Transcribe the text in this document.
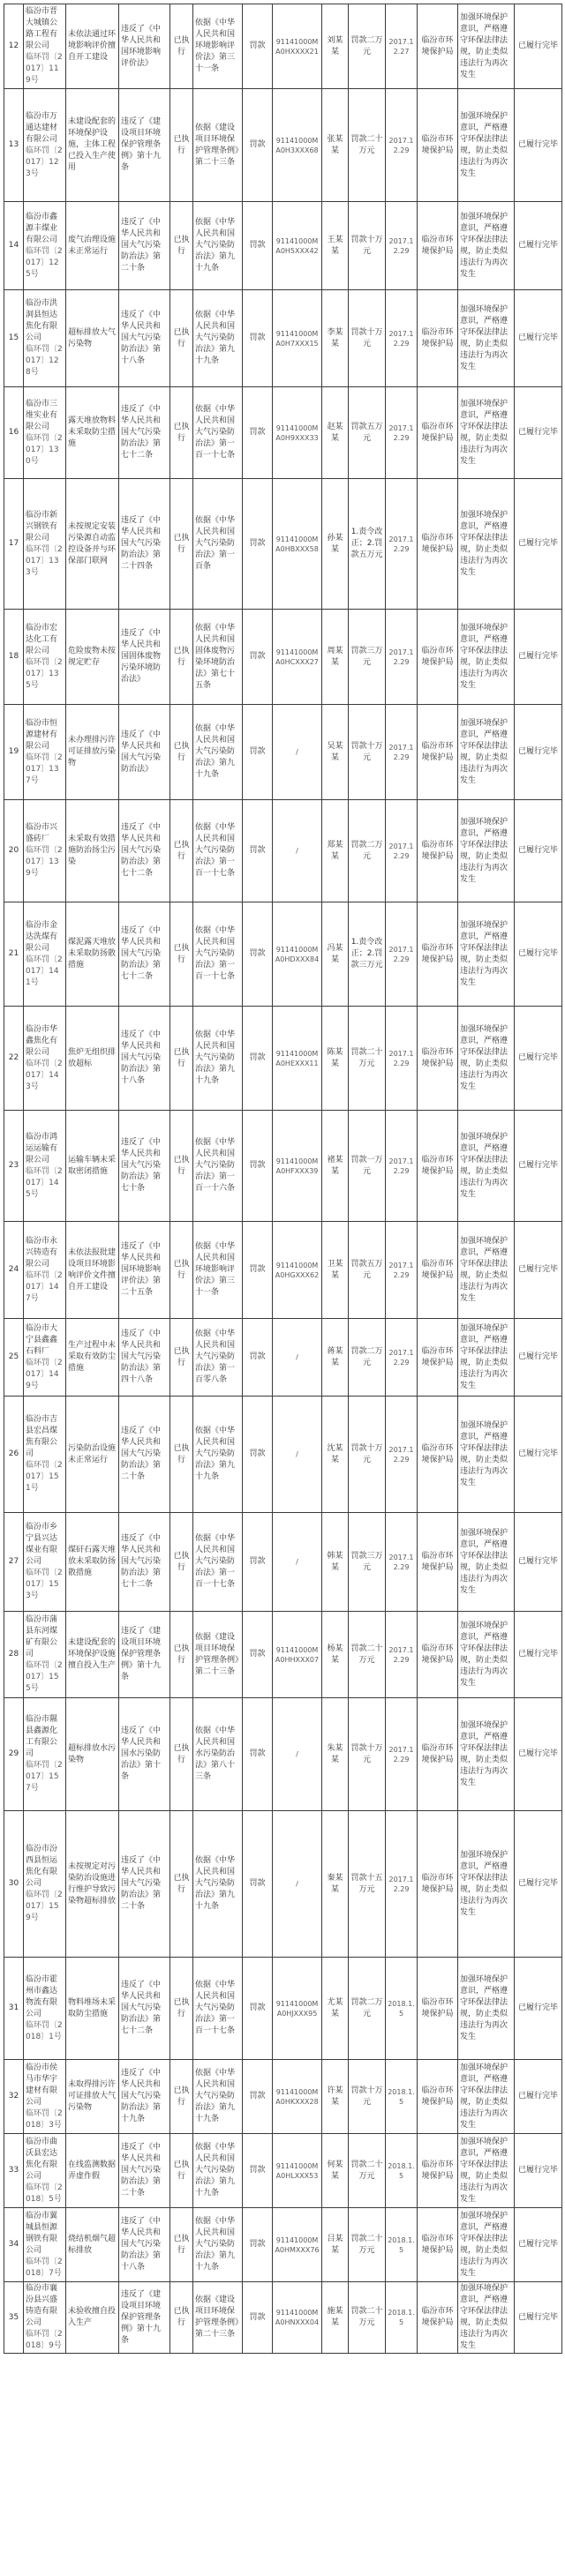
12	临汾市晋大城镇公路工程有限公司
临环罚〔2017〕119号	未依法通过环境影响评价擅自开工建设	违反了《中华人民共和国环境影响评价法》	已执行	依据《中华人民共和国环境影响评价法》第三十一条	罚款	91141000MA0HXXXX21	刘某某	罚款二万元	2017.12.27	临汾市环境保护局	加强环境保护意识，严格遵守环保法律法规，防止类似违法行为再次发生	已履行完毕
13	临汾市万通达建材有限公司
临环罚〔2017〕123号	未建设配套的环境保护设施，主体工程已投入生产使用	违反了《建设项目环境保护管理条例》第十九条	已执行	依据《建设项目环境保护管理条例》第二十三条	罚款	91141000MA0H3XXX68	张某某	罚款二十万元	2017.12.29	临汾市环境保护局	加强环境保护意识，严格遵守环保法律法规，防止类似违法行为再次发生	已履行完毕
14	临汾市鑫源丰煤业有限公司
临环罚〔2017〕125号	废气治理设施未正常运行	违反了《中华人民共和国大气污染防治法》第二十条	已执行	依据《中华人民共和国大气污染防治法》第九十九条	罚款	91141000MA0H5XXX42	王某某	罚款十万元	2017.12.29	临汾市环境保护局	加强环境保护意识，严格遵守环保法律法规，防止类似违法行为再次发生	已履行完毕
15	临汾市洪洞县恒达焦化有限公司
临环罚〔2017〕128号	超标排放大气污染物	违反了《中华人民共和国大气污染防治法》第十八条	已执行	依据《中华人民共和国大气污染防治法》第九十九条	罚款	91141000MA0H7XXX15	李某某	罚款十万元	2017.12.29	临汾市环境保护局	加强环境保护意识，严格遵守环保法律法规，防止类似违法行为再次发生	已履行完毕
16	临汾市三维实业有限公司
临环罚〔2017〕130号	露天堆放物料未采取防尘措施	违反了《中华人民共和国大气污染防治法》第七十二条	已执行	依据《中华人民共和国大气污染防治法》第一百一十七条	罚款	91141000MA0H9XXX33	赵某某	罚款五万元	2017.12.29	临汾市环境保护局	加强环境保护意识，严格遵守环保法律法规，防止类似违法行为再次发生	已履行完毕
17	临汾市新兴钢铁有限公司
临环罚〔2017〕133号	未按规定安装污染源自动监控设备并与环保部门联网	违反了《中华人民共和国大气污染防治法》第二十四条	已执行	依据《中华人民共和国大气污染防治法》第一百条	罚款	91141000MA0HBXXX58	孙某某	1.责令改正；2.罚款五万元	2017.12.29	临汾市环境保护局	加强环境保护意识，严格遵守环保法律法规，防止类似违法行为再次发生	已履行完毕
18	临汾市宏达化工有限公司
临环罚〔2017〕135号	危险废物未按规定贮存	违反了《中华人民共和国固体废物污染环境防治法》	已执行	依据《中华人民共和国固体废物污染环境防治法》第七十五条	罚款	91141000MA0HCXXX27	周某某	罚款三万元	2017.12.29	临汾市环境保护局	加强环境保护意识，严格遵守环保法律法规，防止类似违法行为再次发生	已履行完毕
19	临汾市恒源建材有限公司
临环罚〔2017〕137号	未办理排污许可证排放污染物	违反了《中华人民共和国大气污染防治法》	已执行	依据《中华人民共和国大气污染防治法》第九十九条	罚款	/	吴某某	罚款十万元	2017.12.29	临汾市环境保护局	加强环境保护意识，严格遵守环保法律法规，防止类似违法行为再次发生	已履行完毕
20	临汾市兴盛砖厂
临环罚〔2017〕139号	未采取有效措施防治扬尘污染	违反了《中华人民共和国大气污染防治法》第七十二条	已执行	依据《中华人民共和国大气污染防治法》第一百一十七条	罚款	/	郑某某	罚款二万元	2017.12.29	临汾市环境保护局	加强环境保护意识，严格遵守环保法律法规，防止类似违法行为再次发生	已履行完毕
21	临汾市金达洗煤有限公司
临环罚〔2017〕141号	煤泥露天堆放未采取防扬散措施	违反了《中华人民共和国大气污染防治法》第七十二条	已执行	依据《中华人民共和国大气污染防治法》第一百一十七条	罚款	91141000MA0HDXXX84	冯某某	1.责令改正；2.罚款三万元	2017.12.29	临汾市环境保护局	加强环境保护意识，严格遵守环保法律法规，防止类似违法行为再次发生	已履行完毕
22	临汾市华鑫焦化有限公司
临环罚〔2017〕143号	焦炉无组织排放超标	违反了《中华人民共和国大气污染防治法》第十八条	已执行	依据《中华人民共和国大气污染防治法》第九十九条	罚款	91141000MA0HEXXX11	陈某某	罚款二十万元	2017.12.29	临汾市环境保护局	加强环境保护意识，严格遵守环保法律法规，防止类似违法行为再次发生	已履行完毕
23	临汾市鸿运运输有限公司
临环罚〔2017〕145号	运输车辆未采取密闭措施	违反了《中华人民共和国大气污染防治法》第七十条	已执行	依据《中华人民共和国大气污染防治法》第一百一十六条	罚款	91141000MA0HFXXX39	褚某某	罚款一万元	2017.12.29	临汾市环境保护局	加强环境保护意识，严格遵守环保法律法规，防止类似违法行为再次发生	已履行完毕
24	临汾市永兴铸造有限公司
临环罚〔2017〕147号	未依法报批建设项目环境影响评价文件擅自开工建设	违反了《中华人民共和国环境影响评价法》第二十五条	已执行	依据《中华人民共和国环境影响评价法》第三十一条	罚款	91141000MA0HGXXX62	卫某某	罚款五万元	2017.12.29	临汾市环境保护局	加强环境保护意识，严格遵守环保法律法规，防止类似违法行为再次发生	已履行完毕
25	临汾市大宁县鑫鑫石料厂
临环罚〔2017〕149号	生产过程中未采取有效防尘措施	违反了《中华人民共和国大气污染防治法》第四十八条	已执行	依据《中华人民共和国大气污染防治法》第一百零八条	罚款	/	蒋某某	罚款二万元	2017.12.29	临汾市环境保护局	加强环境保护意识，严格遵守环保法律法规，防止类似违法行为再次发生	已履行完毕
26	临汾市吉县宏昌煤焦有限公司
临环罚〔2017〕151号	污染防治设施未正常运行	违反了《中华人民共和国大气污染防治法》第二十条	已执行	依据《中华人民共和国大气污染防治法》第九十九条	罚款	/	沈某某	罚款十万元	2017.12.29	临汾市环境保护局	加强环境保护意识，严格遵守环保法律法规，防止类似违法行为再次发生	已履行完毕
27	临汾市乡宁县兴达煤业有限公司
临环罚〔2017〕153号	煤矸石露天堆放未采取防扬散措施	违反了《中华人民共和国大气污染防治法》第七十二条	已执行	依据《中华人民共和国大气污染防治法》第一百一十七条	罚款	/	韩某某	罚款三万元	2017.12.29	临汾市环境保护局	加强环境保护意识，严格遵守环保法律法规，防止类似违法行为再次发生	已履行完毕
28	临汾市蒲县东河煤矿有限公司
临环罚〔2017〕155号	未建设配套的环境保护设施擅自投入生产	违反了《建设项目环境保护管理条例》第十九条	已执行	依据《建设项目环境保护管理条例》第二十三条	罚款	91141000MA0HHXXX07	杨某某	罚款二十万元	2017.12.29	临汾市环境保护局	加强环境保护意识，严格遵守环保法律法规，防止类似违法行为再次发生	已履行完毕
29	临汾市隰县鑫源化工有限公司
临环罚〔2017〕157号	超标排放水污染物	违反了《中华人民共和国水污染防治法》第十条	已执行	依据《中华人民共和国水污染防治法》第八十三条	罚款	/	朱某某	罚款十万元	2017.12.29	临汾市环境保护局	加强环境保护意识，严格遵守环保法律法规，防止类似违法行为再次发生	已履行完毕
30	临汾市汾西县恒运焦化有限公司
临环罚〔2017〕159号	未按规定对污染防治设施进行维护导致污染物超标排放	违反了《中华人民共和国大气污染防治法》第二十条	已执行	依据《中华人民共和国大气污染防治法》第九十九条	罚款	/	秦某某	罚款十五万元	2017.12.29	临汾市环境保护局	加强环境保护意识，严格遵守环保法律法规，防止类似违法行为再次发生	已履行完毕
31	临汾市霍州市鑫达物流有限公司
临环罚〔2018〕1号	物料堆场未采取防尘措施	违反了《中华人民共和国大气污染防治法》第七十二条	已执行	依据《中华人民共和国大气污染防治法》第一百一十七条	罚款	91141000MA0HJXXX95	尤某某	罚款二万元	2018.1.5	临汾市环境保护局	加强环境保护意识，严格遵守环保法律法规，防止类似违法行为再次发生	已履行完毕
32	临汾市侯马市华宇建材有限公司
临环罚〔2018〕3号	未取得排污许可证排放大气污染物	违反了《中华人民共和国大气污染防治法》第十九条	已执行	依据《中华人民共和国大气污染防治法》第九十九条	罚款	91141000MA0HKXXX28	许某某	罚款十万元	2018.1.5	临汾市环境保护局	加强环境保护意识，严格遵守环保法律法规，防止类似违法行为再次发生	已履行完毕
33	临汾市曲沃县宏达焦化有限公司
临环罚〔2018〕5号	在线监测数据弄虚作假	违反了《中华人民共和国大气污染防治法》第二十条	已执行	依据《中华人民共和国大气污染防治法》第九十九条	罚款	91141000MA0HLXXX53	何某某	罚款二十万元	2018.1.5	临汾市环境保护局	加强环境保护意识，严格遵守环保法律法规，防止类似违法行为再次发生	已履行完毕
34	临汾市翼城县恒源钢铁有限公司
临环罚〔2018〕7号	烧结机烟气超标排放	违反了《中华人民共和国大气污染防治法》第十八条	已执行	依据《中华人民共和国大气污染防治法》第九十九条	罚款	91141000MA0HMXXX76	吕某某	罚款二十万元	2018.1.5	临汾市环境保护局	加强环境保护意识，严格遵守环保法律法规，防止类似违法行为再次发生	已履行完毕
35	临汾市襄汾县兴盛铸造有限公司
临环罚〔2018〕9号	未验收擅自投入生产	违反了《建设项目环境保护管理条例》第十九条	已执行	依据《建设项目环境保护管理条例》第二十三条	罚款	91141000MA0HNXXX04	施某某	罚款二十万元	2018.1.5	临汾市环境保护局	加强环境保护意识，严格遵守环保法律法规，防止类似违法行为再次发生	已履行完毕
